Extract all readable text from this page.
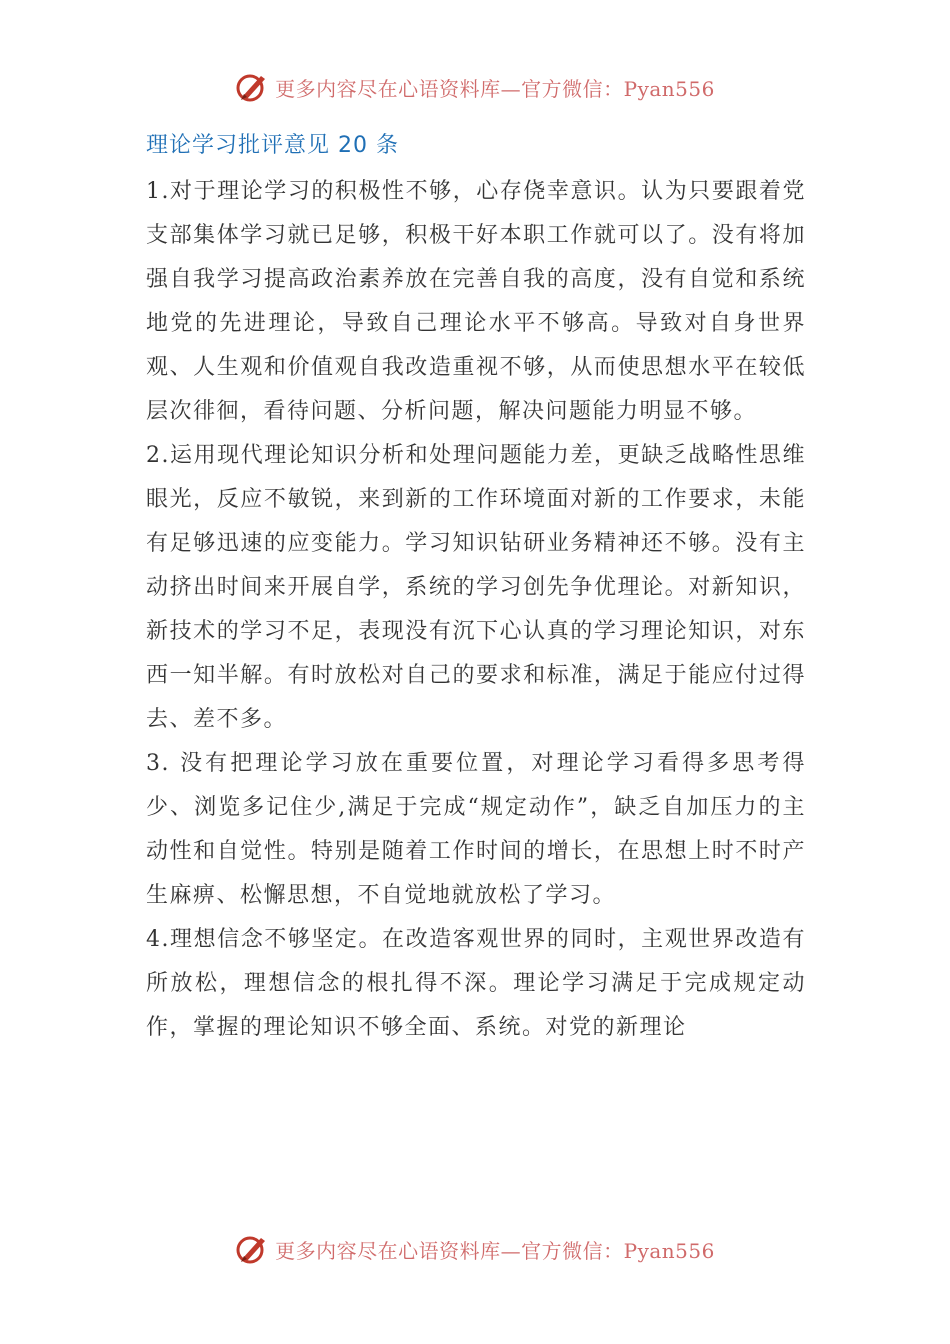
更多内容尽在心语资料库—官方微信：Pyan556
理论学习批评意见 20 条

1.对于理论学习的积极性不够，心存侥幸意识。认为只要跟着党支部集体学习就已足够，积极干好本职工作就可以了。没有将加强自我学习提高政治素养放在完善自我的高度，没有自觉和系统地党的先进理论，导致自己理论水平不够高。导致对自身世界观、人生观和价值观自我改造重视不够，从而使思想水平在较低层次徘徊，看待问题、分析问题，解决问题能力明显不够。

2.运用现代理论知识分析和处理问题能力差，更缺乏战略性思维眼光，反应不敏锐，来到新的工作环境面对新的工作要求，未能有足够迅速的应变能力。学习知识钻研业务精神还不够。没有主动挤出时间来开展自学，系统的学习创先争优理论。对新知识，新技术的学习不足，表现没有沉下心认真的学习理论知识，对东西一知半解。有时放松对自己的要求和标准，满足于能应付过得去、差不多。

3. 没有把理论学习放在重要位置，对理论学习看得多思考得少、浏览多记住少,满足于完成“规定动作”，缺乏自加压力的主动性和自觉性。特别是随着工作时间的增长，在思想上时不时产生麻痹、松懈思想，不自觉地就放松了学习。

4.理想信念不够坚定。在改造客观世界的同时，主观世界改造有所放松，理想信念的根扎得不深。理论学习满足于完成规定动作，掌握的理论知识不够全面、系统。对党的新理论

更多内容尽在心语资料库—官方微信：Pyan556
